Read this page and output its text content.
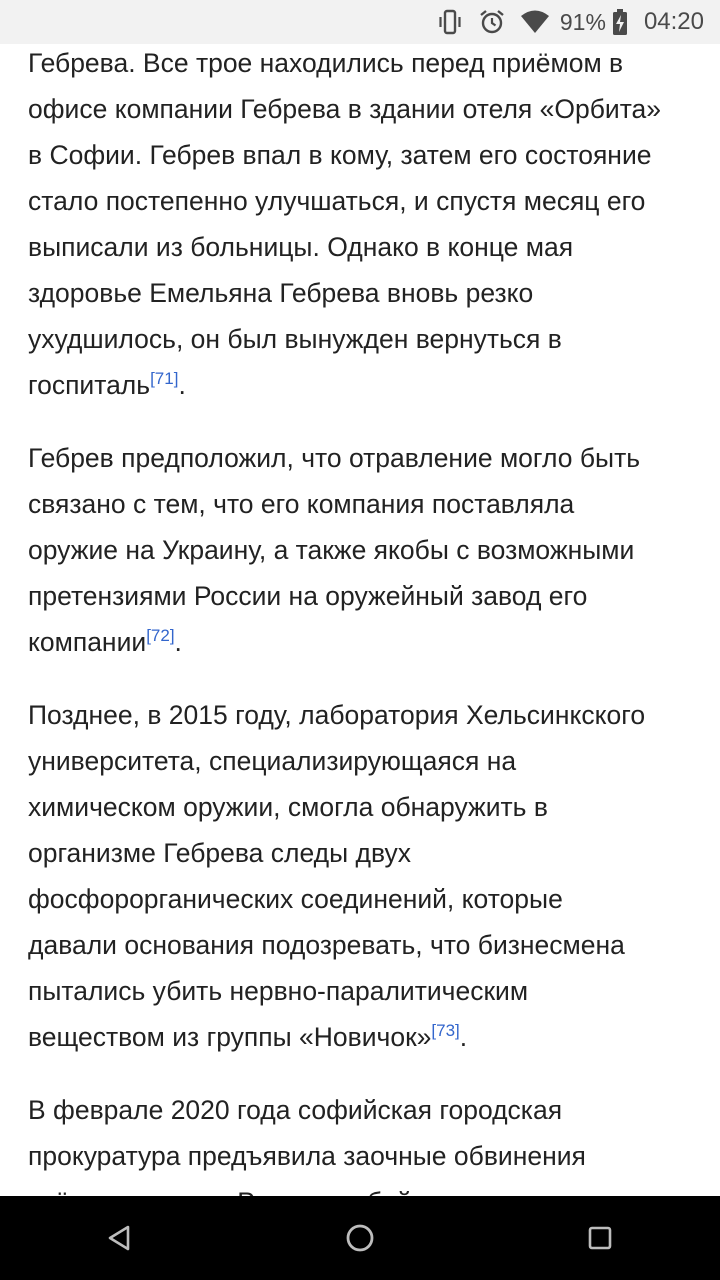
91% 04:20

Гебрева. Все трое находились перед приёмом в
офисе компании Гебрева в здании отеля «Орбита»
в Софии. Гебрев впал в кому, затем его состояние
стало постепенно улучшаться, и спустя месяц его
выписали из больницы. Однако в конце мая
здоровье Емельяна Гебрева вновь резко
ухудшилось, он был вынужден вернуться в
госпиталь[71].

Гебрев предположил, что отравление могло быть
связано с тем, что его компания поставляла
оружие на Украину, а также якобы с возможными
претензиями России на оружейный завод его
компании[72].

Позднее, в 2015 году, лаборатория Хельсинкского
университета, специализирующаяся на
химическом оружии, смогла обнаружить в
организме Гебрева следы двух
фосфорорганических соединений, которые
давали основания подозревать, что бизнесмена
пытались убить нервно-паралитическим
веществом из группы «Новичок»[73].

В феврале 2020 года софийская городская
прокуратура предъявила заочные обвинения
